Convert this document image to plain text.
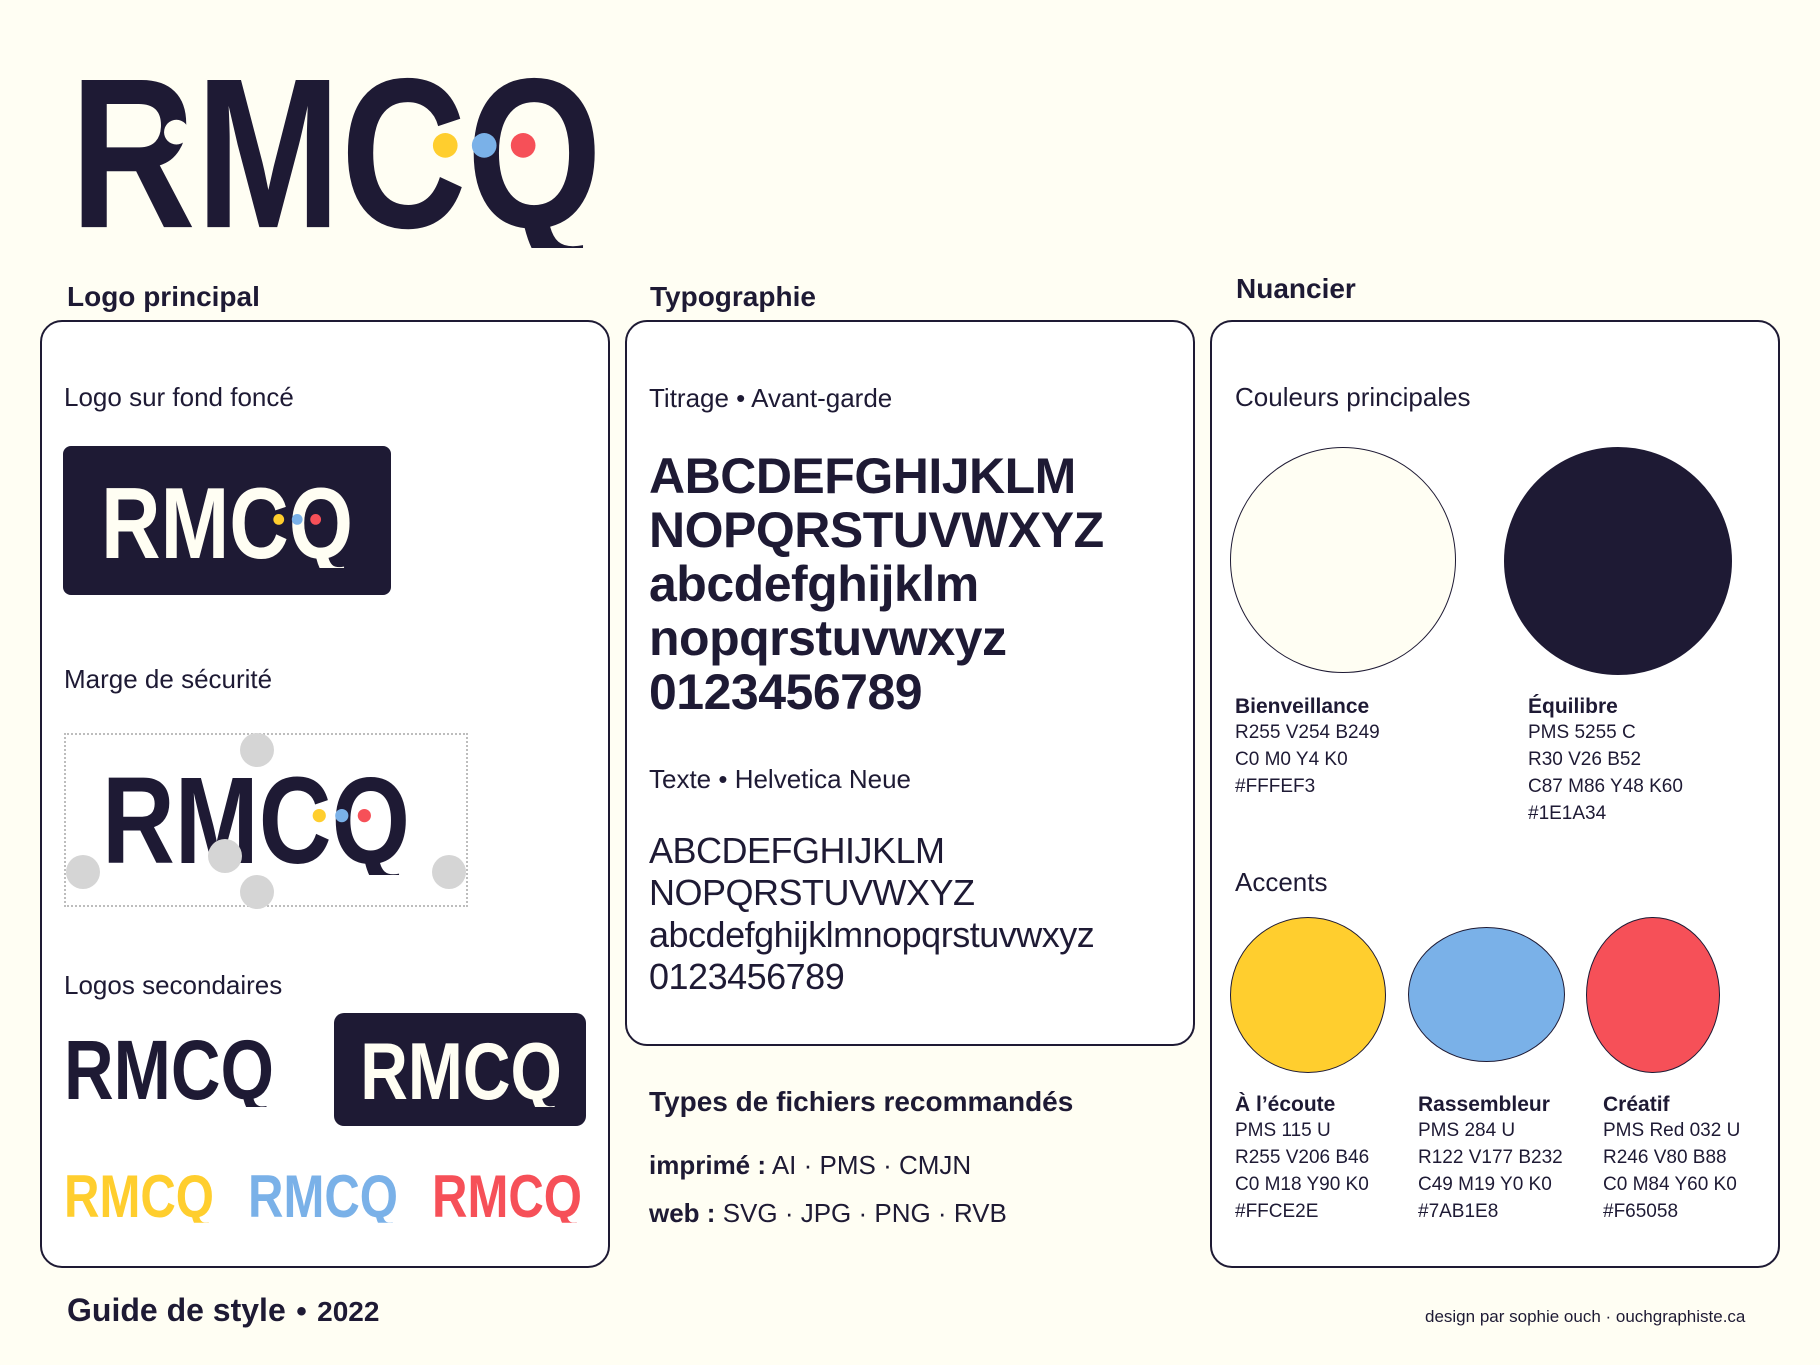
Logo principal	Typographie	Nuancier
Logo sur fond foncé
Marge de sécurité
Logos secondaires
Titrage • Avant-garde
ABCDEFGHIJKLM
NOPQRSTUVWXYZ
abcdefghijklm
nopqrstuvwxyz
0123456789
Texte • Helvetica Neue
ABCDEFGHIJKLM
NOPQRSTUVWXYZ
abcdefghijklmnopqrstuvwxyz
0123456789
Types de fichiers recommandés
imprimé : AI · PMS · CMJN
web : SVG · JPG · PNG · RVB
Couleurs principales
Bienveillance
R255 V254 B249
C0 M0 Y4 K0
#FFFEF3
Équilibre
PMS 5255 C
R30 V26 B52
C87 M86 Y48 K60
#1E1A34
Accents
À l’écoute
PMS 115 U
R255 V206 B46
C0 M18 Y90 K0
#FFCE2E
Rassembleur
PMS 284 U
R122 V177 B232
C49 M19 Y0 K0
#7AB1E8
Créatif
PMS Red 032 U
R246 V80 B88
C0 M84 Y60 K0
#F65058
Guide de style • 2022	design par sophie ouch · ouchgraphiste.ca
